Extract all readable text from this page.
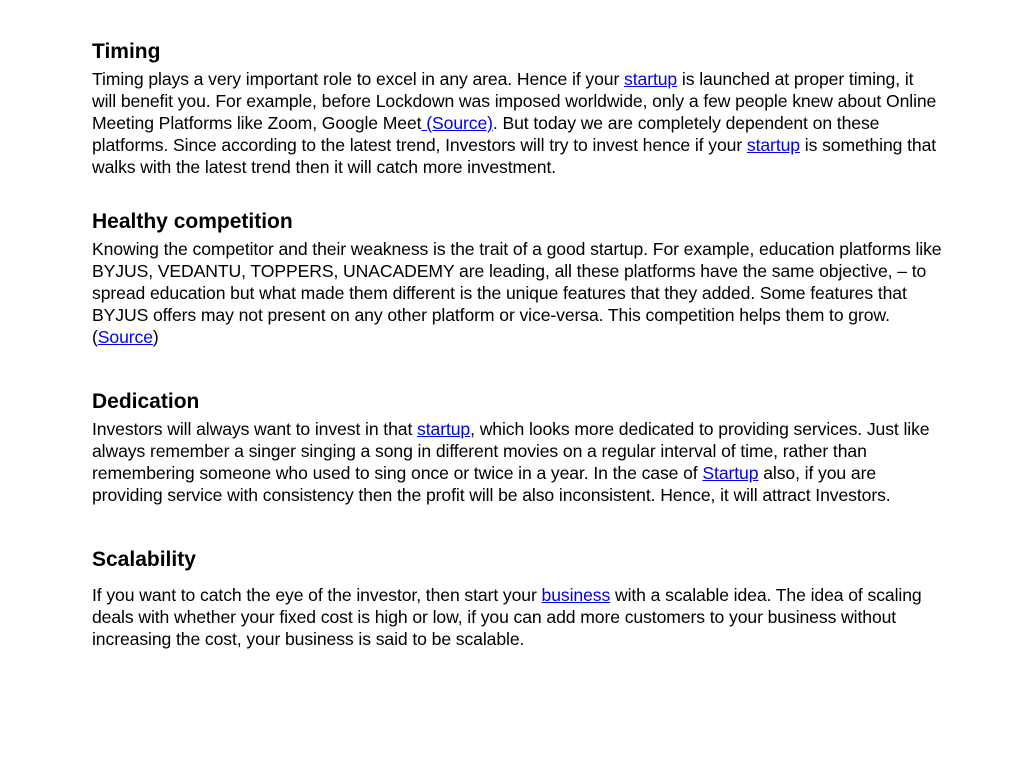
Timing

Timing plays a very important role to excel in any area. Hence if your startup is launched at proper timing, it will benefit you. For example, before Lockdown was imposed worldwide, only a few people knew about Online Meeting Platforms like Zoom, Google Meet (Source). But today we are completely dependent on these platforms. Since according to the latest trend, Investors will try to invest hence if your startup is something that walks with the latest trend then it will catch more investment.

Healthy competition

Knowing the competitor and their weakness is the trait of a good startup. For example, education platforms like BYJUS, VEDANTU, TOPPERS, UNACADEMY are leading, all these platforms have the same objective, – to spread education but what made them different is the unique features that they added. Some features that BYJUS offers may not present on any other platform or vice-versa. This competition helps them to grow. (Source)

Dedication

Investors will always want to invest in that startup, which looks more dedicated to providing services. Just like always remember a singer singing a song in different movies on a regular interval of time, rather than remembering someone who used to sing once or twice in a year. In the case of Startup also, if you are providing service with consistency then the profit will be also inconsistent. Hence, it will attract Investors.

Scalability

If you want to catch the eye of the investor, then start your business with a scalable idea. The idea of scaling deals with whether your fixed cost is high or low, if you can add more customers to your business without increasing the cost, your business is said to be scalable.
